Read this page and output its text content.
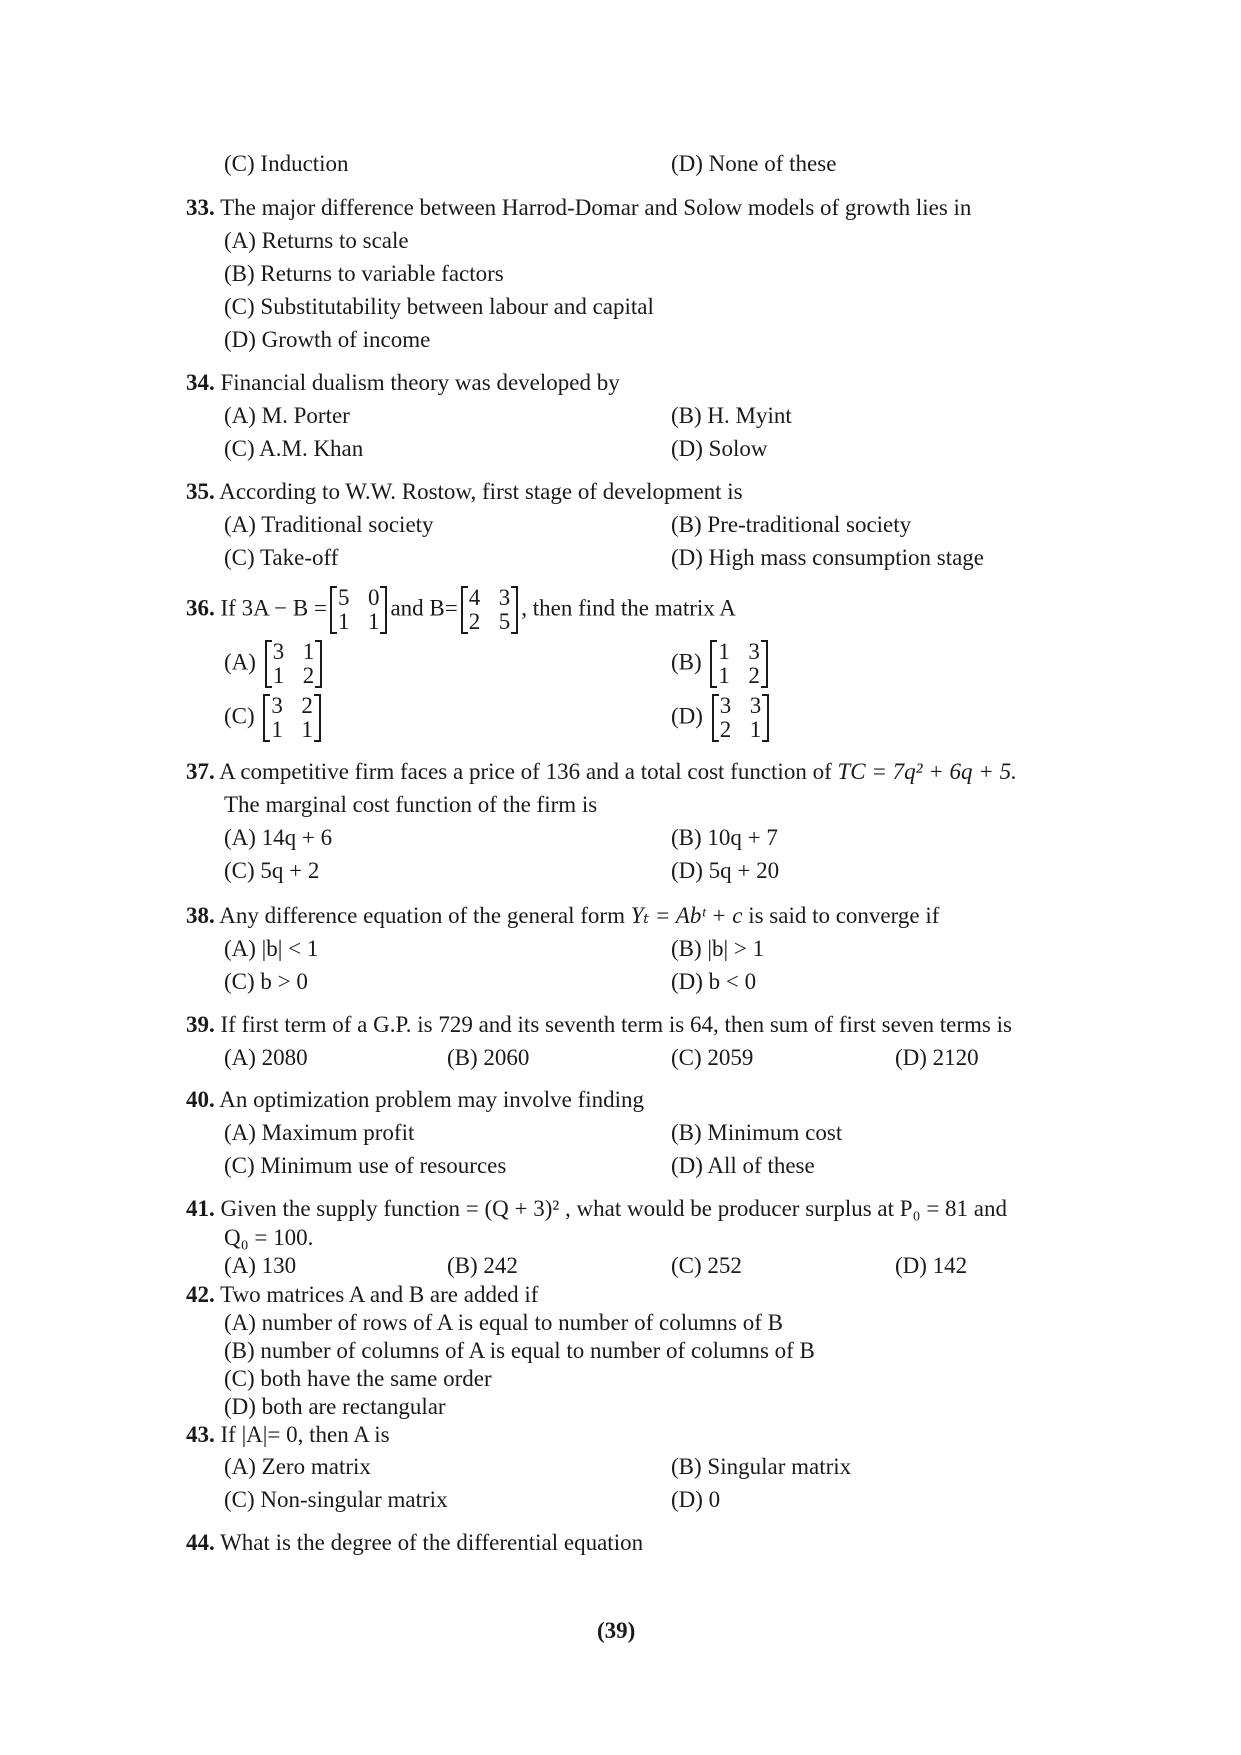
(C) Induction	(D) None of these
33. The major difference between Harrod-Domar and Solow models of growth lies in
(A) Returns to scale
(B) Returns to variable factors
(C) Substitutability between labour and capital
(D) Growth of income
34. Financial dualism theory was developed by
(A) M. Porter	(B) H. Myint
(C) A.M. Khan	(D) Solow
35. According to W.W. Rostow, first stage of development is
(A) Traditional society	(B) Pre-traditional society
(C) Take-off	(D) High mass consumption stage
36. If 3A − B = 5 0
1 1
and B= 4 3
2 5
, then find the matrix A
(A) 3 1
1 2
(B) 1 3
1 2
(C) 3 2
1 1
(D) 3 3
2 1
37. A competitive firm faces a price of 136 and a total cost function of TC = 7q² + 6q + 5.
The marginal cost function of the firm is
(A) 14q + 6	(B) 10q + 7
(C) 5q + 2	(D) 5q + 20
38. Any difference equation of the general form Yₜ = Abᵗ + c is said to converge if
(A) |b| < 1	(B) |b| > 1
(C) b > 0	(D) b < 0
39. If first term of a G.P. is 729 and its seventh term is 64, then sum of first seven terms is
(A) 2080	(B) 2060	(C) 2059	(D) 2120
40. An optimization problem may involve finding
(A) Maximum profit	(B) Minimum cost
(C) Minimum use of resources	(D) All of these
41. Given the supply function = (Q + 3)² , what would be producer surplus at P₀ = 81 and
Q₀ = 100.
(A) 130	(B) 242	(C) 252	(D) 142
42. Two matrices A and B are added if
(A) number of rows of A is equal to number of columns of B
(B) number of columns of A is equal to number of columns of B
(C) both have the same order
(D) both are rectangular
43. If |A|= 0, then A is
(A) Zero matrix	(B) Singular matrix
(C) Non-singular matrix	(D) 0
44. What is the degree of the differential equation
(39)
